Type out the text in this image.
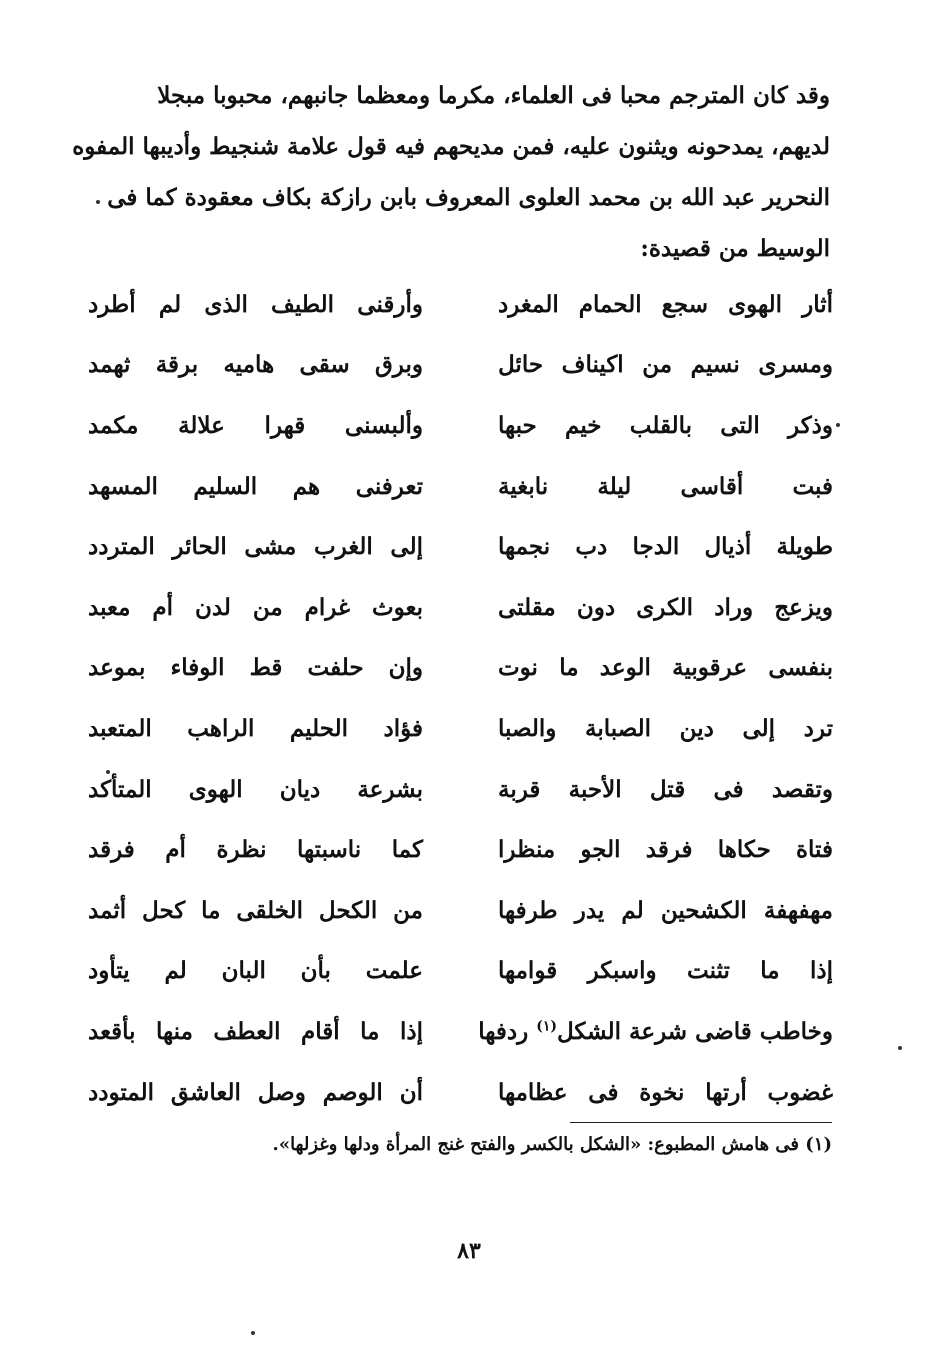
وقد كان المترجم محبا فى العلماء، مكرما ومعظما جانبهم، محبوبا مبجلا
لديهم، يمدحونه ويثنون عليه، فمن مديحهم فيه قول علامة شنجيط وأديبها المفوه
النحرير عبد الله بن محمد العلوى المعروف بابن رازكة بكاف معقودة كما فى
الوسيط من قصيدة:
أثار الهوى سجع الحمام المغرد
وأرقنى الطيف الذى لم أطرد
ومسرى نسيم من اكيناف حائل
وبرق سقى هاميه برقة ثهمد
وذكر التى بالقلب خيم حبها
وألبسنى قهرا علالة مكمد
فبت أقاسى ليلة نابغية
تعرفنى هم السليم المسهد
طويلة أذيال الدجا دب نجمها
إلى الغرب مشى الحائر المتردد
ويزعج وراد الكرى دون مقلتى
بعوث غرام من لدن أم معبد
بنفسى عرقوبية الوعد ما نوت
وإن حلفت قط الوفاء بموعد
ترد إلى دين الصبابة والصبا
فؤاد الحليم الراهب المتعبد
وتقصد فى قتل الأحبة قربة
بشرعة ديان الهوى المتأكد
فتاة حكاها فرقد الجو منظرا
كما ناسبتها نظرة أم فرقد
مهفهفة الكشحين لم يدر طرفها
من الكحل الخلقى ما كحل أثمد
إذا ما تثنت واسبكر قوامها
علمت بأن البان لم يتأود
وخاطب قاضى شرعة الشكل$^{(١)}$ ردفها
إذا ما أقام العطف منها بأقعد
غضوب أرتها نخوة فى عظامها
أن الوصم وصل العاشق المتودد
(١) فى هامش المطبوع: «الشكل بالكسر والفتح غنج المرأة ودلها وغزلها».
٨٣
